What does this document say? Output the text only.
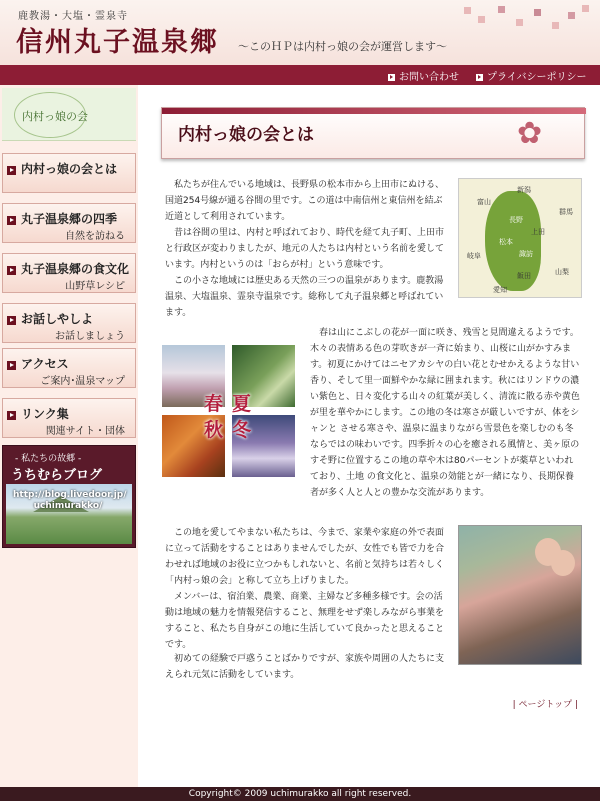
鹿教湯・大塩・霊泉寺
信州丸子温泉郷 〜このＨＰは内村っ娘の会が運営します〜
お問い合わせ	プライバシーポリシー
内村っ娘の会
内村っ娘の会とは
丸子温泉郷の四季
自然を訪ねる
丸子温泉郷の食文化
山野草レシピ
お話しやしよ
お話しましょう
アクセス
ご案内･温泉マップ
リンク集
関連サイト・団体
- 私たちの故郷 -
うちむらブログ
http://blog.livedoor.jp/
uchimurakko/
内村っ娘の会とは	✿
私たちが住んでいる地域は、長野県の松本市から上田市にぬける、国道254号線が通る谷間の里です。この道は中南信州と東信州を結ぶ近道として利用されています。
昔は谷間の里は、内村と呼ばれており、時代を経て丸子町、上田市と行政区が変わりましたが、地元の人たちは内村という名前を愛しています。内村というのは「おらが村」という意味です。
この小さな地域には歴史ある天然の三つの温泉があります。鹿教湯温泉、大塩温泉、霊泉寺温泉です。総称して丸子温泉郷と呼ばれています。
新潟
富山
群馬
長野
上田
松本
諏訪
岐阜
山梨
飯田
愛知
春 夏
秋 冬
春は山にこぶしの花が一面に咲き、残雪と見間違えるようです。木々の表情ある色の芽吹きが一斉に始まり、山桜に山がかすみます。初夏にかけてはニセアカシヤの白い花とむせかえるような甘い香り、そして里一面鮮やかな緑に囲まれます。秋にはリンドウの濃い紫色と、日々変化する山々の紅葉が美しく、清流に散る赤や黄色が里を華やかにします。この地の冬は寒さが厳しいですが、体をシャンと させる寒さや、温泉に温まりながら雪景色を楽しむのも冬ならではの味わいです。四季折々の心を癒される風情と、美ヶ原のすそ野に位置するこの地の草や木は80パーセントが薬草といわれており、土地 の食文化と、温泉の効能とが一緒になり、長期保養者が多く人と人との豊かな交流があります。
この地を愛してやまない私たちは、今まで、家業や家庭の外で表面に立って活動をすることはありませんでしたが、女性でも皆で力を合わせれば地域のお役に立つかもしれないと、名前と気持ちは若々しく「内村っ娘の会」と称して立ち上げりました。
メンバーは、宿泊業、農業、商業、主婦など多種多様です。会の活動は地域の魅力を情報発信すること、無理をせず楽しみながら事業をすること、私たち自身がこの地に生活していて良かったと思えることです。
初めての経験で戸惑うことばかりですが、家族や周囲の人たちに支えられ元気に活動をしています。
| ページトップ |
Copyright© 2009 uchimurakko all right reserved.
